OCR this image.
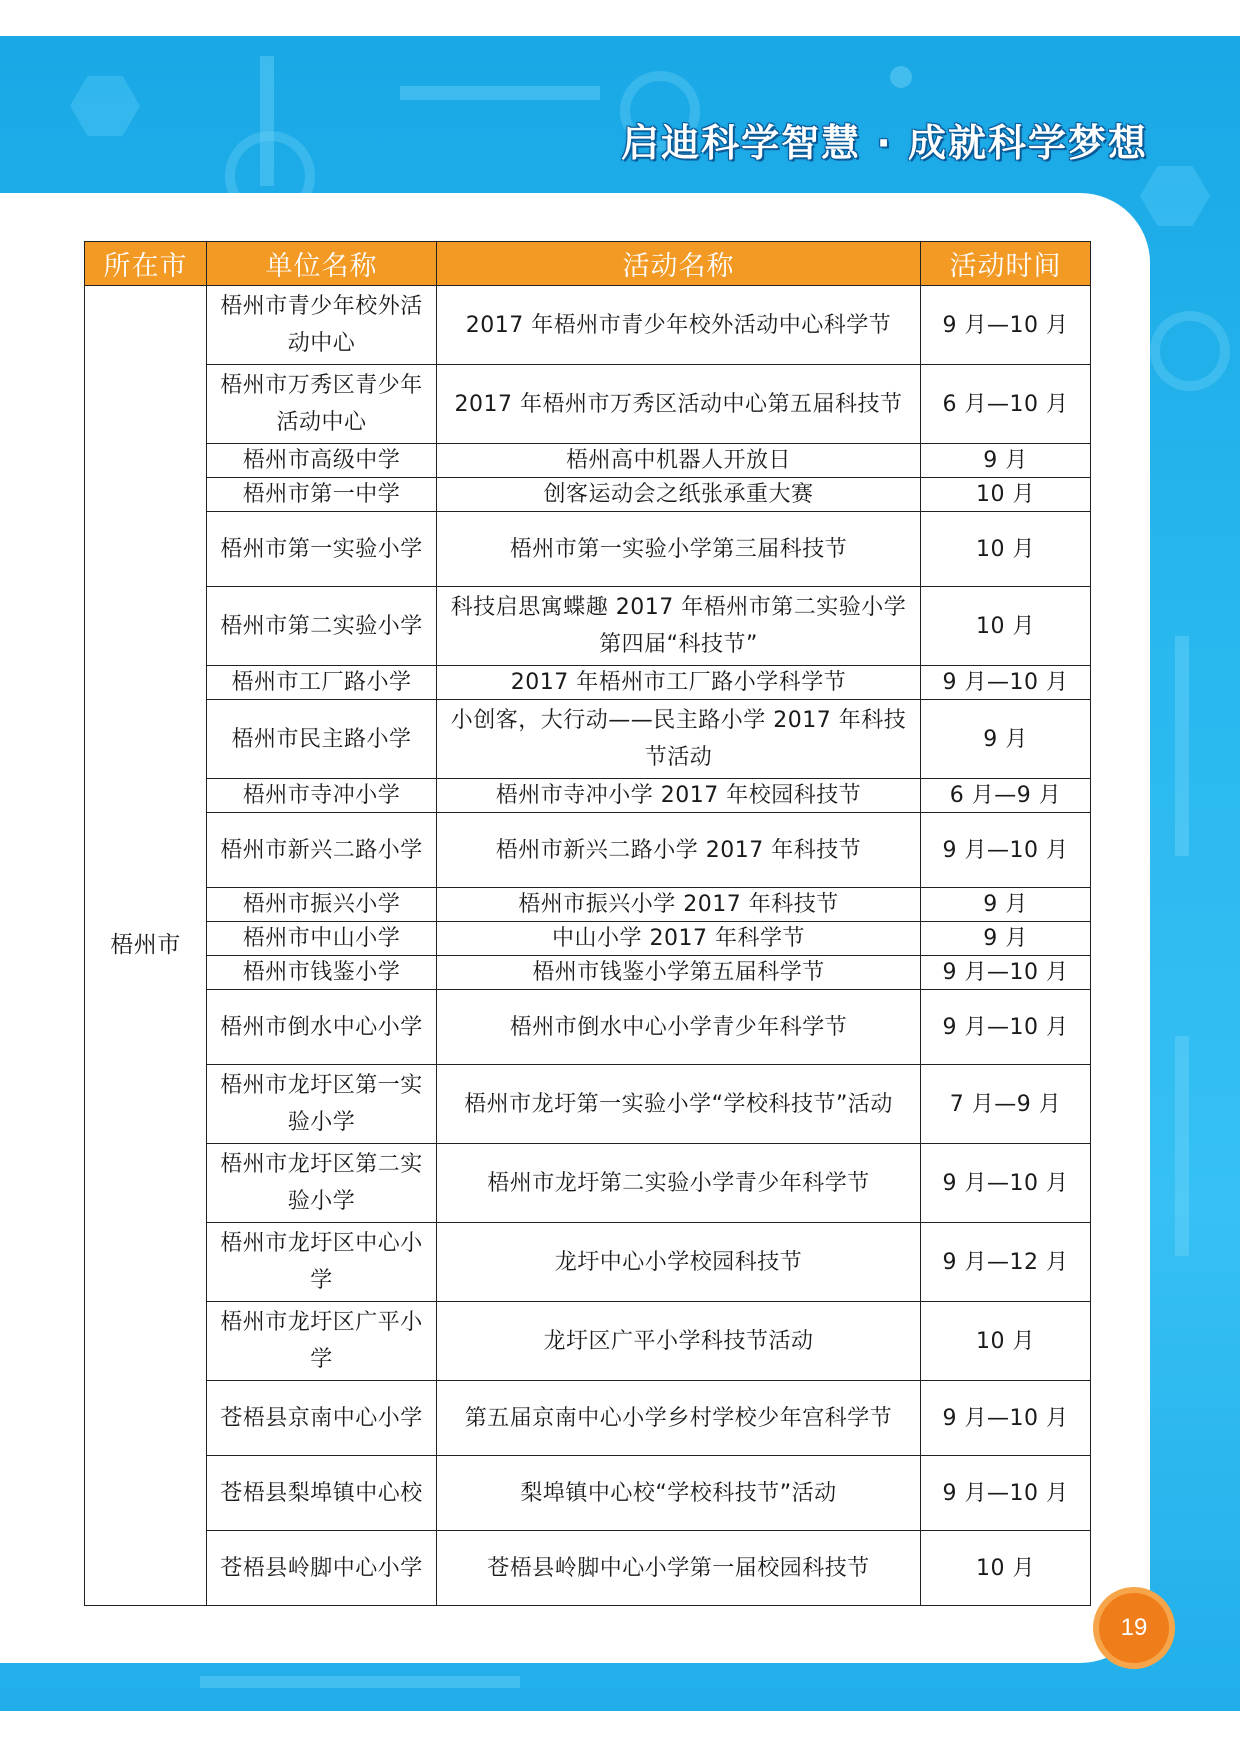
启迪科学智慧 · 成就科学梦想
所在市	单位名称	活动名称	活动时间
梧州市	梧州市青少年校外活动中心	2017 年梧州市青少年校外活动中心科学节	9 月—10 月
	梧州市万秀区青少年活动中心	2017 年梧州市万秀区活动中心第五届科技节	6 月—10 月
	梧州市高级中学	梧州高中机器人开放日	9 月
	梧州市第一中学	创客运动会之纸张承重大赛	10 月
	梧州市第一实验小学	梧州市第一实验小学第三届科技节	10 月
	梧州市第二实验小学	科技启思寓蝶趣 2017 年梧州市第二实验小学第四届“科技节”	10 月
	梧州市工厂路小学	2017 年梧州市工厂路小学科学节	9 月—10 月
	梧州市民主路小学	小创客，大行动——民主路小学 2017 年科技节活动	9 月
	梧州市寺冲小学	梧州市寺冲小学 2017 年校园科技节	6 月—9 月
	梧州市新兴二路小学	梧州市新兴二路小学 2017 年科技节	9 月—10 月
	梧州市振兴小学	梧州市振兴小学 2017 年科技节	9 月
	梧州市中山小学	中山小学 2017 年科学节	9 月
	梧州市钱鉴小学	梧州市钱鉴小学第五届科学节	9 月—10 月
	梧州市倒水中心小学	梧州市倒水中心小学青少年科学节	9 月—10 月
	梧州市龙圩区第一实验小学	梧州市龙圩第一实验小学“学校科技节”活动	7 月—9 月
	梧州市龙圩区第二实验小学	梧州市龙圩第二实验小学青少年科学节	9 月—10 月
	梧州市龙圩区中心小学	龙圩中心小学校园科技节	9 月—12 月
	梧州市龙圩区广平小学	龙圩区广平小学科技节活动	10 月
	苍梧县京南中心小学	第五届京南中心小学乡村学校少年宫科学节	9 月—10 月
	苍梧县梨埠镇中心校	梨埠镇中心校“学校科技节”活动	9 月—10 月
	苍梧县岭脚中心小学	苍梧县岭脚中心小学第一届校园科技节	10 月
19
